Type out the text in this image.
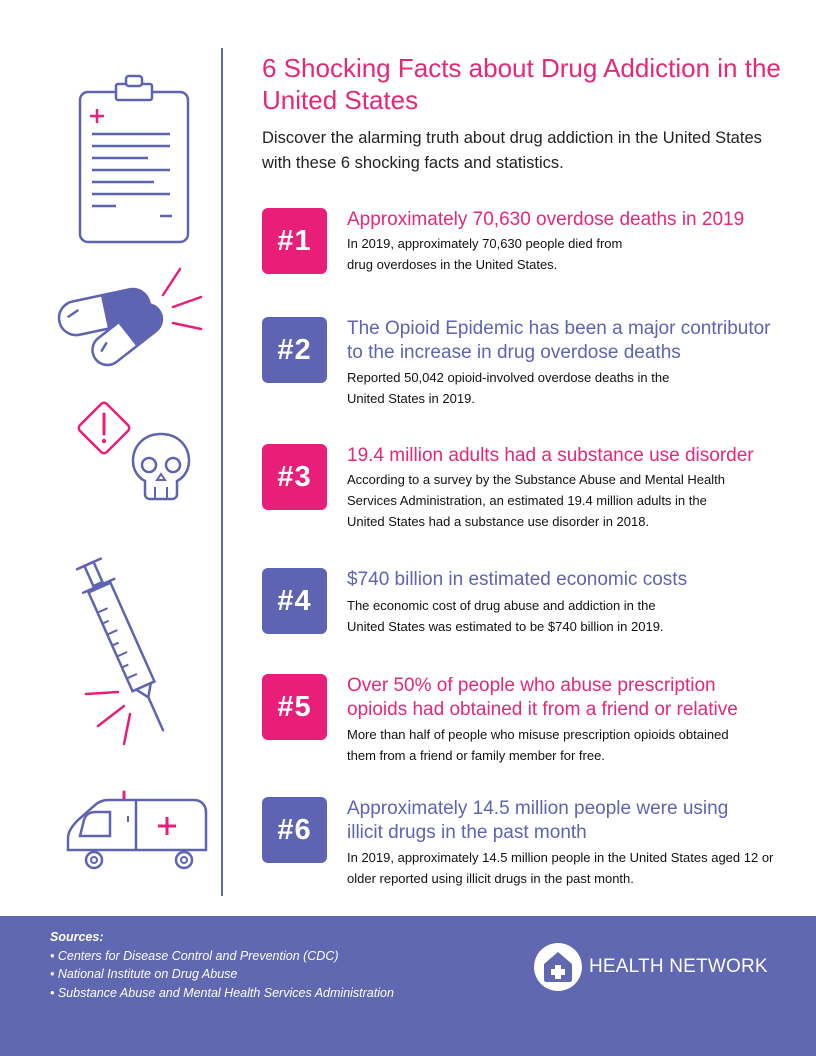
6 Shocking Facts about Drug Addiction in the United States

Discover the alarming truth about drug addiction in the United States with these 6 shocking facts and statistics.

#1
Approximately 70,630 overdose deaths in 2019
In 2019, approximately 70,630 people died from drug overdoses in the United States.
#2
The Opioid Epidemic has been a major contributor to the increase in drug overdose deaths
Reported 50,042 opioid-involved overdose deaths in the United States in 2019.
#3
19.4 million adults had a substance use disorder
According to a survey by the Substance Abuse and Mental Health Services Administration, an estimated 19.4 million adults in the United States had a substance use disorder in 2018.
#4
$740 billion in estimated economic costs
The economic cost of drug abuse and addiction in the United States was estimated to be $740 billion in 2019.
#5
Over 50% of people who abuse prescription opioids had obtained it from a friend or relative
More than half of people who misuse prescription opioids obtained them from a friend or family member for free.
#6
Approximately 14.5 million people were using illicit drugs in the past month
In 2019, approximately 14.5 million people in the United States aged 12 or older reported using illicit drugs in the past month.
Sources:
• Centers for Disease Control and Prevention (CDC)
• National Institute on Drug Abuse
• Substance Abuse and Mental Health Services Administration
HEALTH NETWORK
